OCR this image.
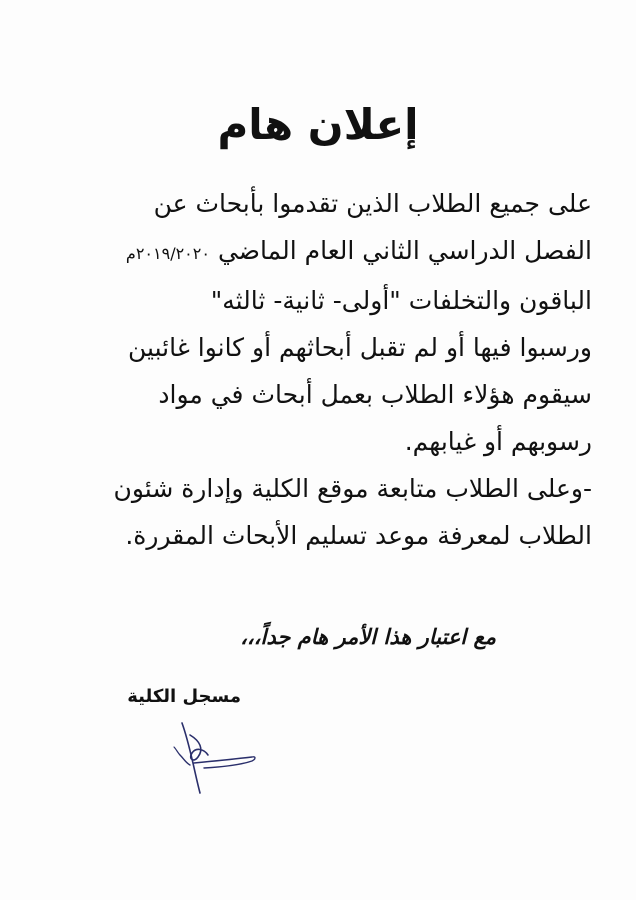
إعلان هام
على جميع الطلاب الذين تقدموا بأبحاث عن
الفصل الدراسي الثاني العام الماضي٢٠١٩/٢٠٢٠م
الباقون والتخلفات "أولى- ثانية- ثالثه"
ورسبوا فيها أو لم تقبل أبحاثهم أو كانوا غائبين
سيقوم هؤلاء الطلاب بعمل أبحاث في مواد
رسوبهم أو غيابهم.
-وعلى الطلاب متابعة موقع الكلية وإدارة شئون
الطلاب لمعرفة موعد تسليم الأبحاث المقررة.
مع اعتبار هذا الأمر هام جداً،،،
مسجل الكلية
